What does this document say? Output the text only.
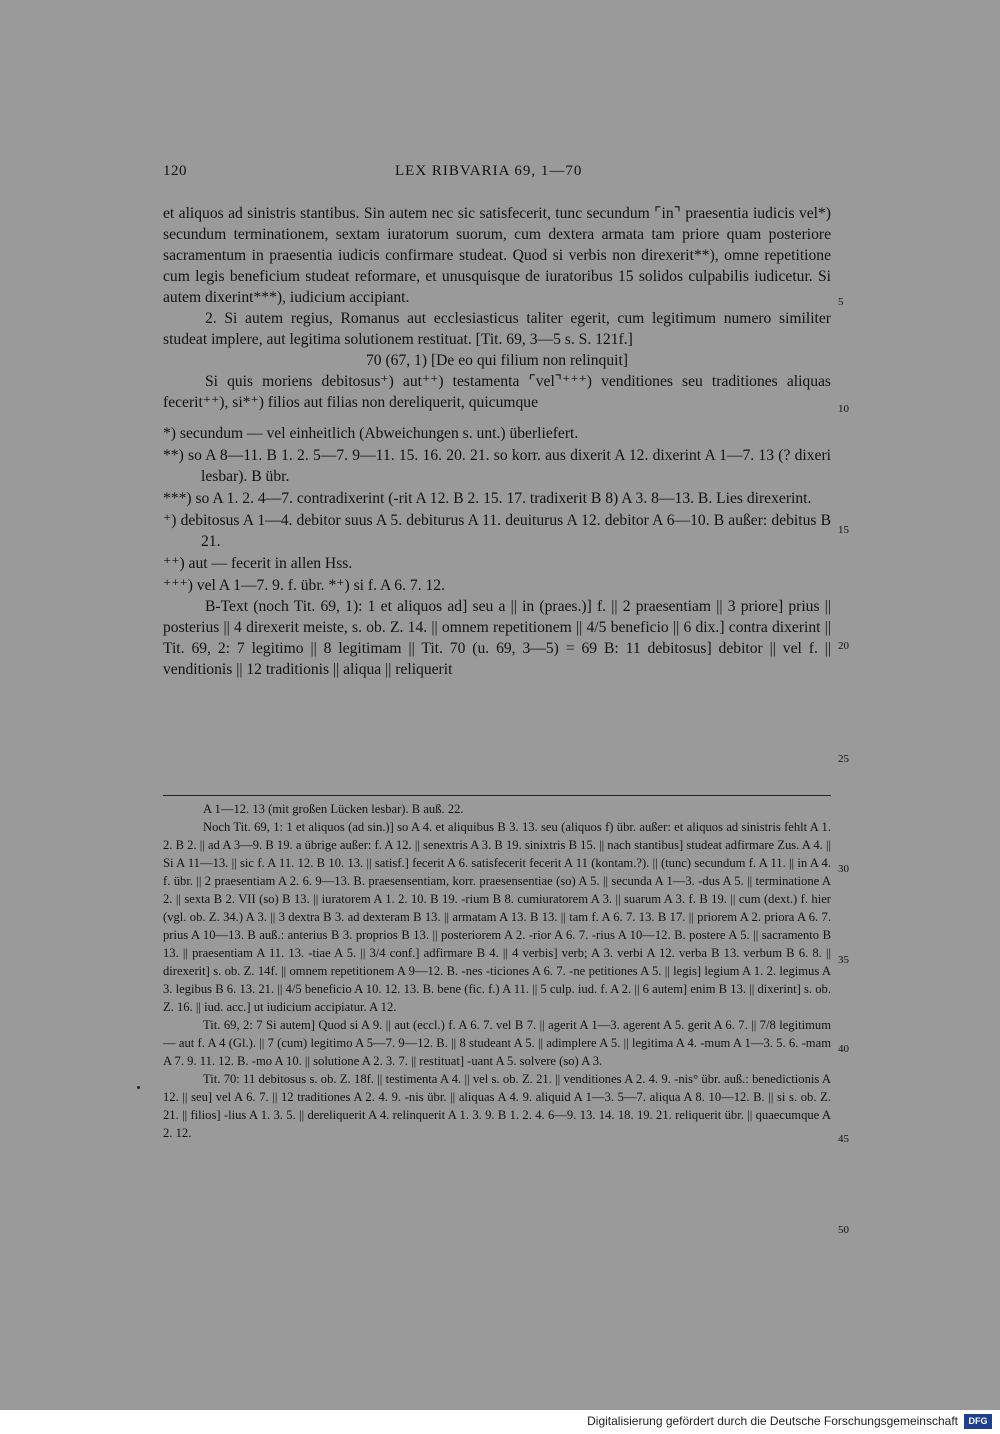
120	LEX RIBVARIA 69, 1—70

et aliquos ad sinistris stantibus. Sin autem nec sic satisfecerit, tunc secundum ⌜in⌝ praesentia iudicis vel*) secundum terminationem, sextam iuratorum suorum, cum dextera armata tam priore quam posteriore sacramentum in praesentia iudicis confirmare studeat. Quod si verbis non direxerit**), omne repetitione cum legis beneficium studeat reformare, et unusquisque de iuratoribus 15 solidos culpabilis iudicetur. Si autem dixerint***), iudicium accipiant.

2. Si autem regius, Romanus aut ecclesiasticus taliter egerit, cum legitimum numero similiter studeat implere, aut legitima solutionem restituat. [Tit. 69, 3—5 s. S. 121f.]

70 (67, 1) [De eo qui filium non relinquit]

Si quis moriens debitosus⁺) aut⁺⁺) testamenta ⌜vel⌝⁺⁺⁺) venditiones seu traditiones aliquas fecerit⁺⁺), si*⁺) filios aut filias non dereliquerit, quicumque

*) secundum — vel einheitlich (Abweichungen s. unt.) überliefert.

**) so A 8—11. B 1. 2. 5—7. 9—11. 15. 16. 20. 21. so korr. aus dixerit A 12. dixerint A 1—7. 13 (? dixeri lesbar). B übr.

***) so A 1. 2. 4—7. contradixerint (-rit A 12. B 2. 15. 17. tradixerit B 8) A 3. 8—13. B. Lies direxerint.

⁺) debitosus A 1—4. debitor suus A 5. debiturus A 11. deuiturus A 12. debitor A 6—10. B außer: debitus B 21.

⁺⁺) aut — fecerit in allen Hss.

⁺⁺⁺) vel A 1—7. 9. f. übr. *⁺) si f. A 6. 7. 12.

B-Text (noch Tit. 69, 1): 1 et aliquos ad] seu a || in (praes.)] f. || 2 praesentiam || 3 priore] prius || posterius || 4 direxerit meiste, s. ob. Z. 14. || omnem repetitionem || 4/5 beneficio || 6 dix.] contra dixerint || Tit. 69, 2: 7 legitimo || 8 legitimam || Tit. 70 (u. 69, 3—5) = 69 B: 11 debitosus] debitor || vel f. || venditionis || 12 traditionis || aliqua || reliquerit

5
10
15
20
25
30
35
40
45
50

A 1—12. 13 (mit großen Lücken lesbar). B auß. 22.

Noch Tit. 69, 1: 1 et aliquos (ad sin.)] so A 4. et aliquibus B 3. 13. seu (aliquos f) übr. außer: et aliquos ad sinistris fehlt A 1. 2. B 2. || ad A 3—9. B 19. a übrige außer: f. A 12. || senextris A 3. B 19. sinixtris B 15. || nach stantibus] studeat adfirmare Zus. A 4. || Si A 11—13. || sic f. A 11. 12. B 10. 13. || satisf.] fecerit A 6. satisfecerit fecerit A 11 (kontam.?). || (tunc) secundum f. A 11. || in A 4. f. übr. || 2 praesentiam A 2. 6. 9—13. B. praesensentiam, korr. praesensentiae (so) A 5. || secunda A 1—3. -dus A 5. || terminatione A 2. || sexta B 2. VII (so) B 13. || iuratorem A 1. 2. 10. B 19. -rium B 8. cumiuratorem A 3. || suarum A 3. f. B 19. || cum (dext.) f. hier (vgl. ob. Z. 34.) A 3. || 3 dextra B 3. ad dexteram B 13. || armatam A 13. B 13. || tam f. A 6. 7. 13. B 17. || priorem A 2. priora A 6. 7. prius A 10—13. B auß.: anterius B 3. proprios B 13. || posteriorem A 2. -rior A 6. 7. -rius A 10—12. B. postere A 5. || sacramento B 13. || praesentiam A 11. 13. -tiae A 5. || 3/4 conf.] adfirmare B 4. || 4 verbis] verb; A 3. verbi A 12. verba B 13. verbum B 6. 8. || direxerit] s. ob. Z. 14f. || omnem repetitionem A 9—12. B. -nes -ticiones A 6. 7. -ne petitiones A 5. || legis] legium A 1. 2. legimus A 3. legibus B 6. 13. 21. || 4/5 beneficio A 10. 12. 13. B. bene (fic. f.) A 11. || 5 culp. iud. f. A 2. || 6 autem] enim B 13. || dixerint] s. ob. Z. 16. || iud. acc.] ut iudicium accipiatur. A 12.

Tit. 69, 2: 7 Si autem] Quod si A 9. || aut (eccl.) f. A 6. 7. vel B 7. || agerit A 1—3. agerent A 5. gerit A 6. 7. || 7/8 legitimum — aut f. A 4 (Gl.). || 7 (cum) legitimo A 5—7. 9—12. B. || 8 studeant A 5. || adimplere A 5. || legitima A 4. -mum A 1—3. 5. 6. -mam A 7. 9. 11. 12. B. -mo A 10. || solutione A 2. 3. 7. || restituat] -uant A 5. solvere (so) A 3.

Tit. 70: 11 debitosus s. ob. Z. 18f. || testimenta A 4. || vel s. ob. Z. 21. || venditiones A 2. 4. 9. -nis° übr. auß.: benedictionis A 12. || seu] vel A 6. 7. || 12 traditiones A 2. 4. 9. -nis übr. || aliquas A 4. 9. aliquid A 1—3. 5—7. aliqua A 8. 10—12. B. || si s. ob. Z. 21. || filios] -lius A 1. 3. 5. || dereliquerit A 4. relinquerit A 1. 3. 9. B 1. 2. 4. 6—9. 13. 14. 18. 19. 21. reliquerit übr. || quaecumque A 2. 12.

Digitalisierung gefördert durch die Deutsche Forschungsgemeinschaft	DFG
